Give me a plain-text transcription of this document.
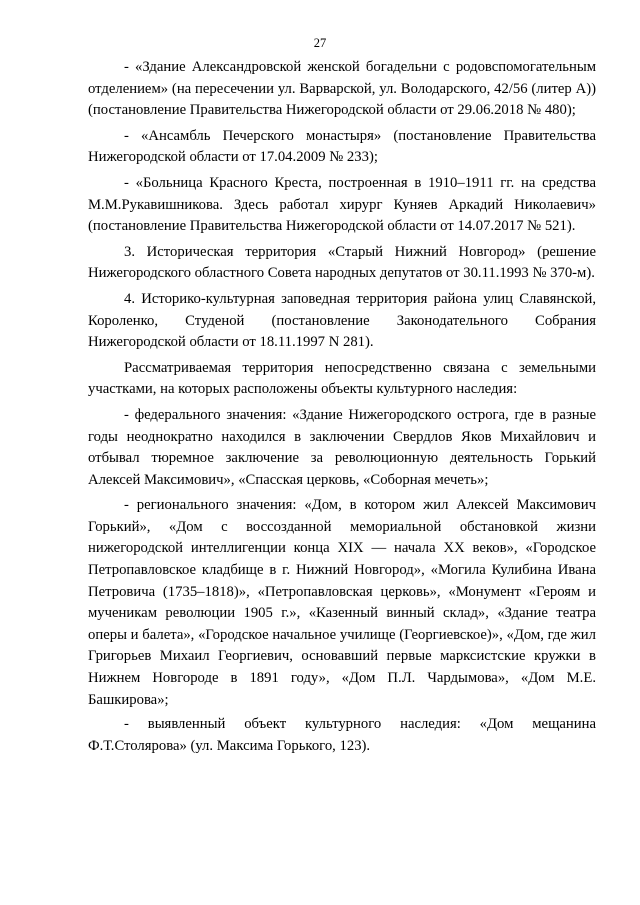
27

- «Здание Александровской женской богадельни с родовспомогательным отделением» (на пересечении ул. Варварской, ул. Володарского, 42/56 (литер А)) (постановление Правительства Нижегородской области от 29.06.2018 № 480);

- «Ансамбль Печерского монастыря» (постановление Правительства Нижегородской области от 17.04.2009 № 233);

- «Больница Красного Креста, построенная в 1910–1911 гг. на средства М.М.Рукавишникова. Здесь работал хирург Куняев Аркадий Николаевич» (постановление Правительства Нижегородской области от 14.07.2017 № 521).

3. Историческая территория «Старый Нижний Новгород» (решение Нижегородского областного Совета народных депутатов от 30.11.1993 № 370-м).

4. Историко-культурная заповедная территория района улиц Славянской, Короленко, Студеной (постановление Законодательного Собрания Нижегородской области от 18.11.1997 N 281).

Рассматриваемая территория непосредственно связана с земельными участками, на которых расположены объекты культурного наследия:

- федерального значения: «Здание Нижегородского острога, где в разные годы неоднократно находился в заключении Свердлов Яков Михайлович и отбывал тюремное заключение за революционную деятельность Горький Алексей Максимович», «Спасская церковь, «Соборная мечеть»;

- регионального значения: «Дом, в котором жил Алексей Максимович Горький», «Дом с воссозданной мемориальной обстановкой жизни нижегородской интеллигенции конца XIX — начала XX веков», «Городское Петропавловское кладбище в г. Нижний Новгород», «Могила Кулибина Ивана Петровича (1735–1818)», «Петропавловская церковь», «Монумент «Героям и мученикам революции 1905 г.», «Казенный винный склад», «Здание театра оперы и балета», «Городское начальное училище (Георгиевское)», «Дом, где жил Григорьев Михаил Георгиевич, основавший первые марксистские кружки в Нижнем Новгороде в 1891 году», «Дом П.Л. Чардымова», «Дом М.Е. Башкирова»;

- выявленный объект культурного наследия: «Дом мещанина Ф.Т.Столярова» (ул. Максима Горького, 123).
